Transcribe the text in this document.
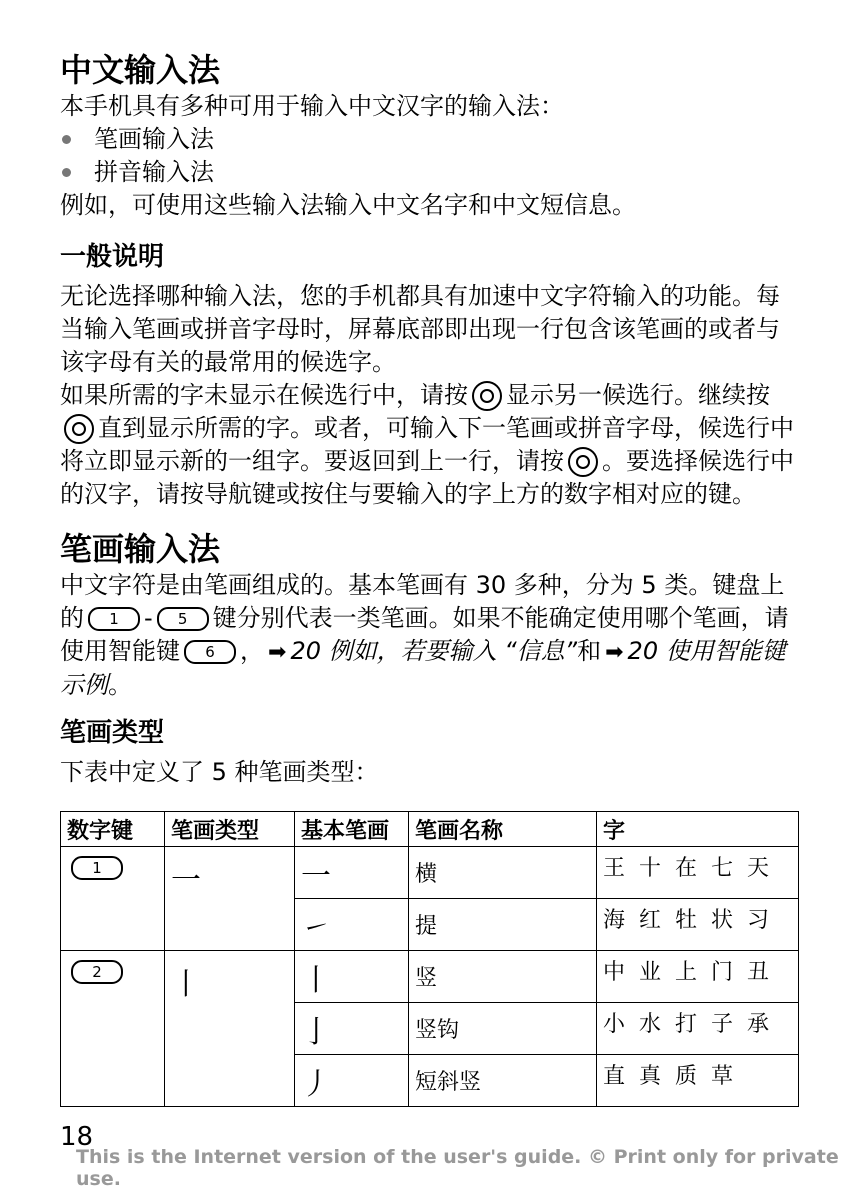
中文输入法

本手机具有多种可用于输入中文汉字的输入法：

笔画输入法
拼音输入法

例如，可使用这些输入法输入中文名字和中文短信息。

一般说明

无论选择哪种输入法，您的手机都具有加速中文字符输入的功能。每当输入笔画或拼音字母时，屏幕底部即出现一行包含该笔画的或者与该字母有关的最常用的候选字。

如果所需的字未显示在候选行中，请按 显示另一候选行。继续按直到显示所需的字。或者，可输入下一笔画或拼音字母，候选行中将立即显示新的一组字。要返回到上一行，请按 。要选择候选行中的汉字，请按导航键或按住与要输入的字上方的数字相对应的键。

笔画输入法

中文字符是由笔画组成的。基本笔画有 30 多种，分为 5 类。键盘上的 1 - 5 键分别代表一类笔画。如果不能确定使用哪个笔画，请使用智能键 6 ， ➡ 20 例如，若要输入 “信息”和 ➡ 20 使用智能键示例。

笔画类型

下表中定义了 5 种笔画类型：

数字键	笔画类型	基本笔画	笔画名称	字
1	一	一	横	王十在七天
		㇀	提	海红牡状习
2	丨	丨	竖	中业上门丑
		亅	竖钩	小水打子承
		丿	短斜竖	直真质草
18
This is the Internet version of the user's guide. © Print only for private use.
